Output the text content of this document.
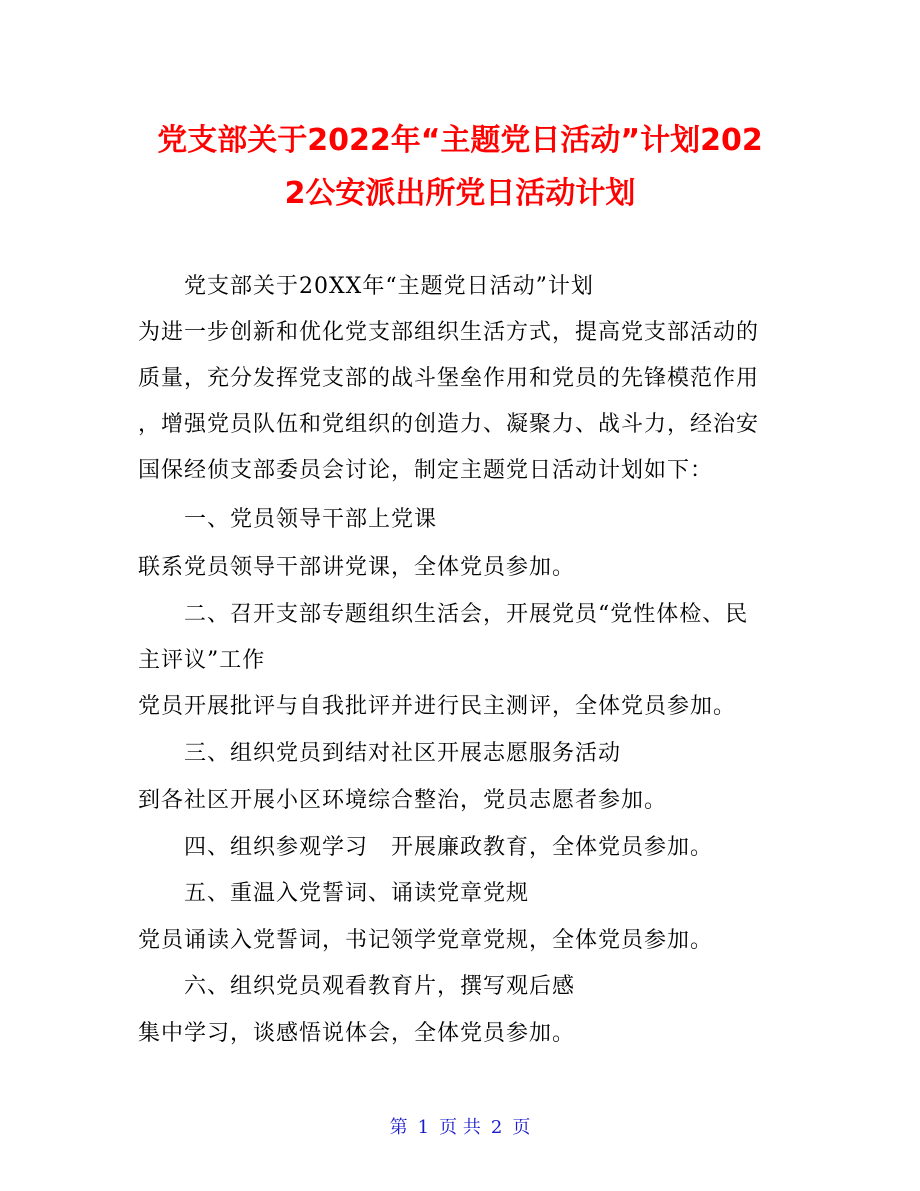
党支部关于2022年“主题党日活动”计划202
2公安派出所党日活动计划
党支部关于20XX年“主题党日活动”计划
为进一步创新和优化党支部组织生活方式，提高党支部活动的
质量，充分发挥党支部的战斗堡垒作用和党员的先锋模范作用
，增强党员队伍和党组织的创造力、凝聚力、战斗力，经治安
国保经侦支部委员会讨论，制定主题党日活动计划如下：
一、党员领导干部上党课
联系党员领导干部讲党课，全体党员参加。
二、召开支部专题组织生活会，开展党员“党性体检、民
主评议”工作
党员开展批评与自我批评并进行民主测评，全体党员参加。
三、组织党员到结对社区开展志愿服务活动
到各社区开展小区环境综合整治，党员志愿者参加。
四、组织参观学习　开展廉政教育，全体党员参加。
五、重温入党誓词、诵读党章党规
党员诵读入党誓词，书记领学党章党规，全体党员参加。
六、组织党员观看教育片，撰写观后感
集中学习，谈感悟说体会，全体党员参加。
第 1 页 共 2 页
